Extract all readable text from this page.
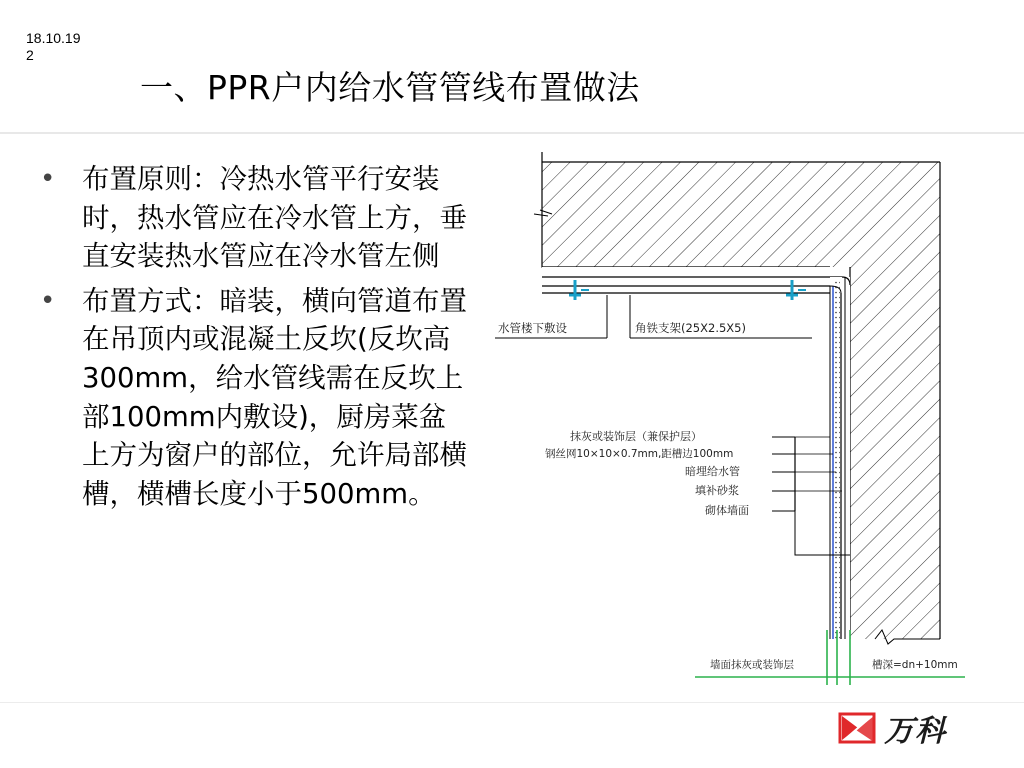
18.10.19
2
一、PPR户内给水管管线布置做法
• 布置原则：冷热水管平行安装时，热水管应在冷水管上方，垂直安装热水管应在冷水管左侧
• 布置方式：暗装，横向管道布置在吊顶内或混凝土反坎(反坎高300mm，给水管线需在反坎上部100mm内敷设)，厨房菜盆上方为窗户的部位，允许局部横槽，横槽长度小于500mm。
水管楼下敷设	角铁支架(25X2.5X5)
抹灰或装饰层（兼保护层）
钢丝网10×10×0.7mm,距槽边100mm
暗埋给水管
填补砂浆
砌体墙面
墙面抹灰或装饰层	槽深=dn+10mm
万科
